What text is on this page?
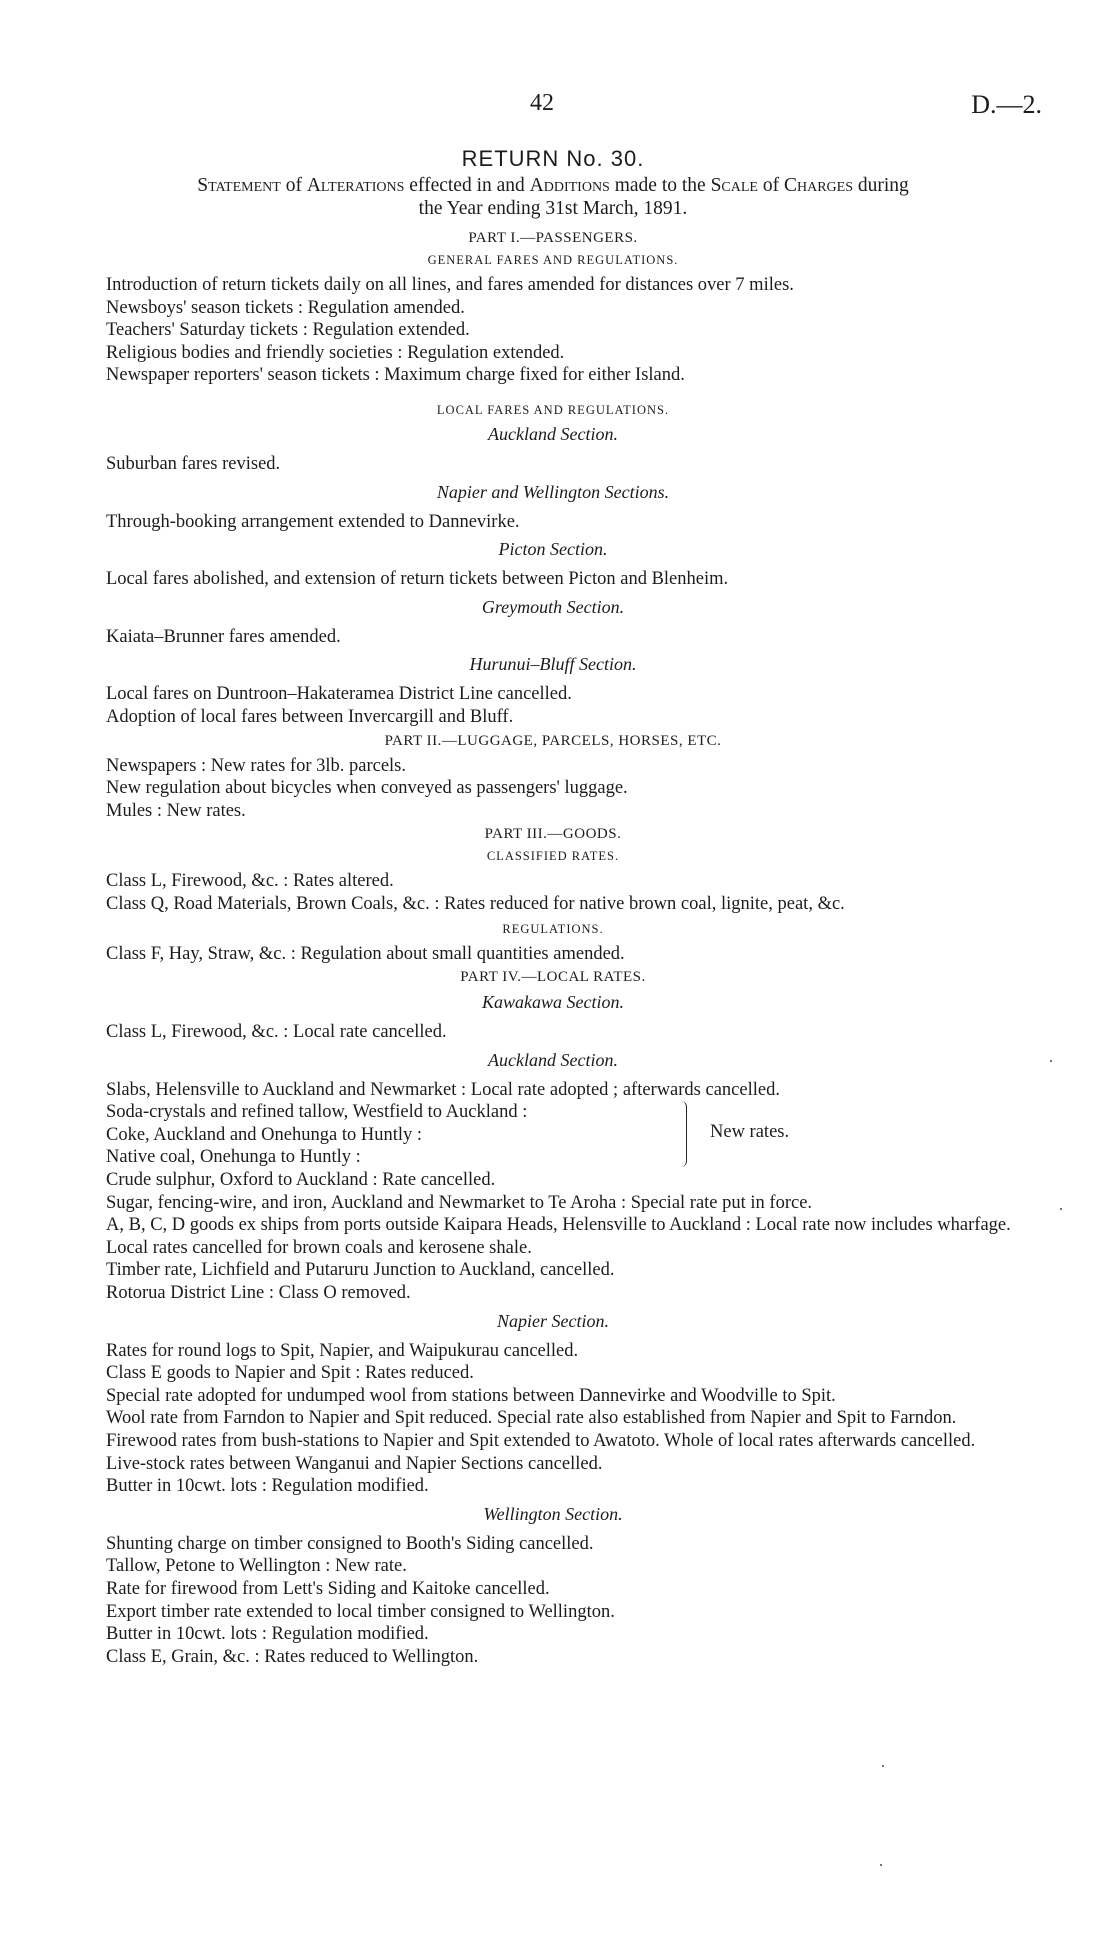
42	D.—2.
RETURN No. 30.
Statement of Alterations effected in and Additions made to the Scale of Charges during
the Year ending 31st March, 1891.
PART I.—PASSENGERS.
GENERAL FARES AND REGULATIONS.

Introduction of return tickets daily on all lines, and fares amended for distances over 7 miles.

Newsboys' season tickets : Regulation amended.

Teachers' Saturday tickets : Regulation extended.

Religious bodies and friendly societies : Regulation extended.

Newspaper reporters' season tickets : Maximum charge fixed for either Island.

LOCAL FARES AND REGULATIONS.
Auckland Section.

Suburban fares revised.

Napier and Wellington Sections.

Through-booking arrangement extended to Dannevirke.

Picton Section.

Local fares abolished, and extension of return tickets between Picton and Blenheim.

Greymouth Section.

Kaiata–Brunner fares amended.

Hurunui–Bluff Section.

Local fares on Duntroon–Hakateramea District Line cancelled.

Adoption of local fares between Invercargill and Bluff.

PART II.—LUGGAGE, PARCELS, HORSES, ETC.

Newspapers : New rates for 3lb. parcels.

New regulation about bicycles when conveyed as passengers' luggage.

Mules : New rates.

PART III.—GOODS.
CLASSIFIED RATES.

Class L, Firewood, &c. : Rates altered.

Class Q, Road Materials, Brown Coals, &c. : Rates reduced for native brown coal, lignite, peat, &c.

REGULATIONS.

Class F, Hay, Straw, &c. : Regulation about small quantities amended.

PART IV.—LOCAL RATES.
Kawakawa Section.

Class L, Firewood, &c. : Local rate cancelled.

Auckland Section.

Slabs, Helensville to Auckland and Newmarket : Local rate adopted ; afterwards cancelled.

Soda-crystals and refined tallow, Westfield to Auckland :

Coke, Auckland and Onehunga to Huntly :

Native coal, Onehunga to Huntly :

New rates.

Crude sulphur, Oxford to Auckland : Rate cancelled.

Sugar, fencing-wire, and iron, Auckland and Newmarket to Te Aroha : Special rate put in force.

A, B, C, D goods ex ships from ports outside Kaipara Heads, Helensville to Auckland : Local rate now includes wharfage.

Local rates cancelled for brown coals and kerosene shale.

Timber rate, Lichfield and Putaruru Junction to Auckland, cancelled.

Rotorua District Line : Class O removed.

Napier Section.

Rates for round logs to Spit, Napier, and Waipukurau cancelled.

Class E goods to Napier and Spit : Rates reduced.

Special rate adopted for undumped wool from stations between Dannevirke and Woodville to Spit.

Wool rate from Farndon to Napier and Spit reduced. Special rate also established from Napier and Spit to Farndon.

Firewood rates from bush-stations to Napier and Spit extended to Awatoto. Whole of local rates afterwards cancelled.

Live-stock rates between Wanganui and Napier Sections cancelled.

Butter in 10cwt. lots : Regulation modified.

Wellington Section.

Shunting charge on timber consigned to Booth's Siding cancelled.

Tallow, Petone to Wellington : New rate.

Rate for firewood from Lett's Siding and Kaitoke cancelled.

Export timber rate extended to local timber consigned to Wellington.

Butter in 10cwt. lots : Regulation modified.

Class E, Grain, &c. : Rates reduced to Wellington.
